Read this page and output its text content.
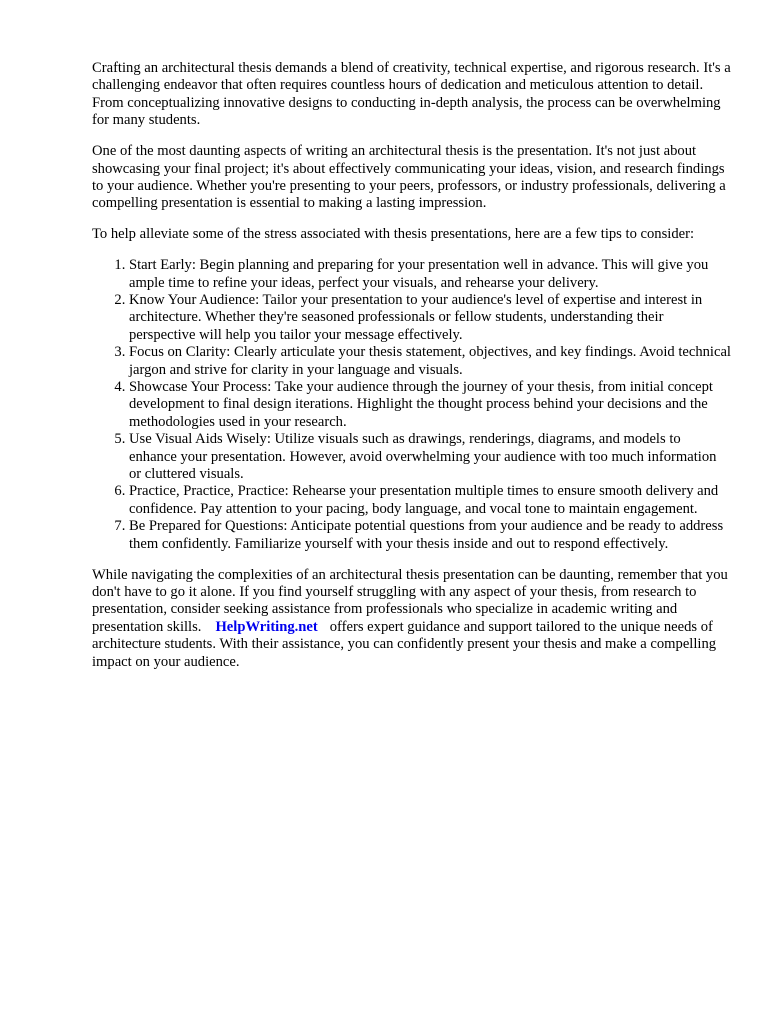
Crafting an architectural thesis demands a blend of creativity, technical expertise, and rigorous research. It's a challenging endeavor that often requires countless hours of dedication and meticulous attention to detail. From conceptualizing innovative designs to conducting in-depth analysis, the process can be overwhelming for many students.

One of the most daunting aspects of writing an architectural thesis is the presentation. It's not just about showcasing your final project; it's about effectively communicating your ideas, vision, and research findings to your audience. Whether you're presenting to your peers, professors, or industry professionals, delivering a compelling presentation is essential to making a lasting impression.

To help alleviate some of the stress associated with thesis presentations, here are a few tips to consider:

1. Start Early: Begin planning and preparing for your presentation well in advance. This will give you ample time to refine your ideas, perfect your visuals, and rehearse your delivery.
2. Know Your Audience: Tailor your presentation to your audience's level of expertise and interest in architecture. Whether they're seasoned professionals or fellow students, understanding their perspective will help you tailor your message effectively.
3. Focus on Clarity: Clearly articulate your thesis statement, objectives, and key findings. Avoid technical jargon and strive for clarity in your language and visuals.
4. Showcase Your Process: Take your audience through the journey of your thesis, from initial concept development to final design iterations. Highlight the thought process behind your decisions and the methodologies used in your research.
5. Use Visual Aids Wisely: Utilize visuals such as drawings, renderings, diagrams, and models to enhance your presentation. However, avoid overwhelming your audience with too much information or cluttered visuals.
6. Practice, Practice, Practice: Rehearse your presentation multiple times to ensure smooth delivery and confidence. Pay attention to your pacing, body language, and vocal tone to maintain engagement.
7. Be Prepared for Questions: Anticipate potential questions from your audience and be ready to address them confidently. Familiarize yourself with your thesis inside and out to respond effectively.

While navigating the complexities of an architectural thesis presentation can be daunting, remember that you don't have to go it alone. If you find yourself struggling with any aspect of your thesis, from research to presentation, consider seeking assistance from professionals who specialize in academic writing and presentation skills. HelpWriting.net offers expert guidance and support tailored to the unique needs of architecture students. With their assistance, you can confidently present your thesis and make a compelling impact on your audience.
